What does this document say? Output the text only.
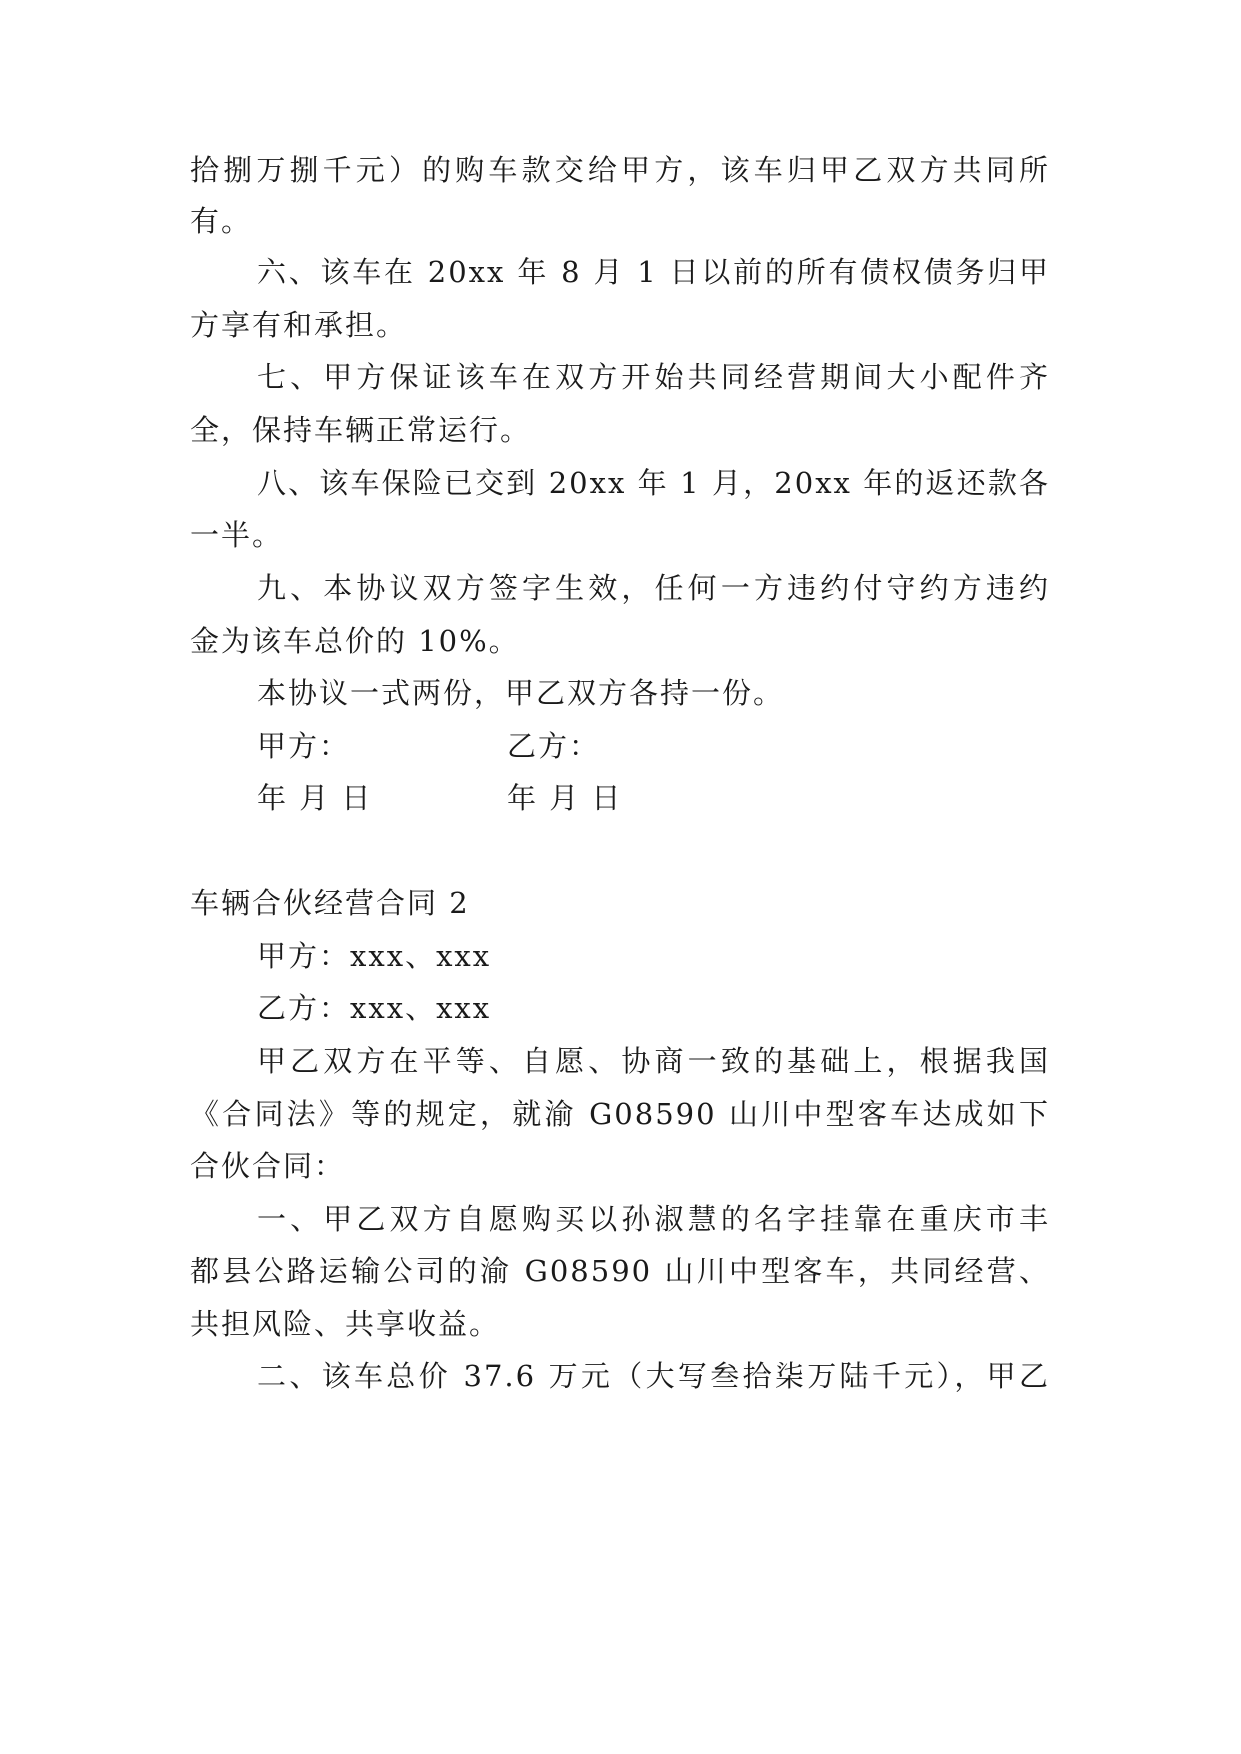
拾捌万捌千元）的购车款交给甲方，该车归甲乙双方共同所
有。
六、该车在 20xx 年 8 月 1 日以前的所有债权债务归甲
方享有和承担。
七、甲方保证该车在双方开始共同经营期间大小配件齐
全，保持车辆正常运行。
八、该车保险已交到 20xx 年 1 月，20xx 年的返还款各
一半。
九、本协议双方签字生效，任何一方违约付守约方违约
金为该车总价的 10%。
本协议一式两份，甲乙双方各持一份。
甲方：	乙方：
年 月 日	年 月 日
车辆合伙经营合同 2
甲方：xxx、xxx
乙方：xxx、xxx
甲乙双方在平等、自愿、协商一致的基础上，根据我国
《合同法》等的规定，就渝 G08590 山川中型客车达成如下
合伙合同：
一、甲乙双方自愿购买以孙淑慧的名字挂靠在重庆市丰
都县公路运输公司的渝 G08590 山川中型客车，共同经营、
共担风险、共享收益。
二、该车总价 37.6 万元（大写叁拾柒万陆千元），甲乙
